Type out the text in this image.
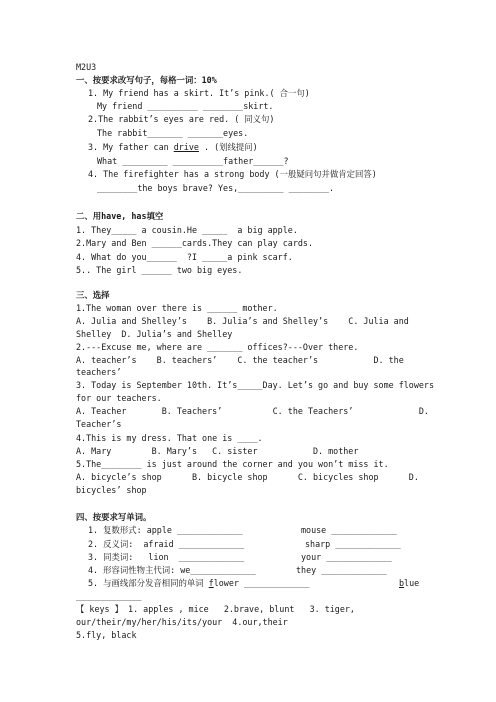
M2U3
一、按要求改写句子，每格一词：10%
1. My friend has a skirt. It’s pink.( 合一句)
My friend __________ ________skirt.
2.The rabbit’s eyes are red. ( 同义句)
The rabbit_______ _______eyes.
3. My father can drive . (划线提问)
What _________ __________father______?
4. The firefighter has a strong body (一般疑问句并做肯定回答)
________the boys brave? Yes,_________ ________.
二、用have, has填空
1. They_____ a cousin.He _____  a big apple.
2.Mary and Ben ______cards.They can play cards.
4. What do you______  ?I _____a pink scarf.
5.. The girl ______ two big eyes.
三、选择
1.The woman over there is ______ mother.
A. Julia and Shelley’s    B. Julia’s and Shelley’s    C. Julia and
Shelley  D. Julia’s and Shelley
2.---Excuse me, where are _______ offices?---Over there.
A. teacher’s    B. teachers’    C. the teacher’s           D. the
teachers’
3. Today is September 10th. It’s_____Day. Let’s go and buy some flowers
for our teachers.
A. Teacher       B. Teachers’          C. the Teachers’             D.
Teacher’s
4.This is my dress. That one is ____.
A. Mary        B. Mary’s   C. sister           D. mother
5.The________ is just around the corner and you won’t miss it.
A. bicycle’s shop      B. bicycle shop      C. bicycles shop      D.
bicycles’ shop
四、按要求写单词。
1. 复数形式: apple _____________	mouse _____________
2. 反义词:  afraid _____________	sharp _____________
3. 同类词:   lion  _____________	your _____________
4. 形容词性物主代词: we_____________	they _____________
5. 与画线部分发音相同的单词 flower _____________	blue
_____________
【 keys 】 1. apples , mice   2.brave, blunt   3. tiger,
our/their/my/her/his/its/your  4.our,their
5.fly, black
